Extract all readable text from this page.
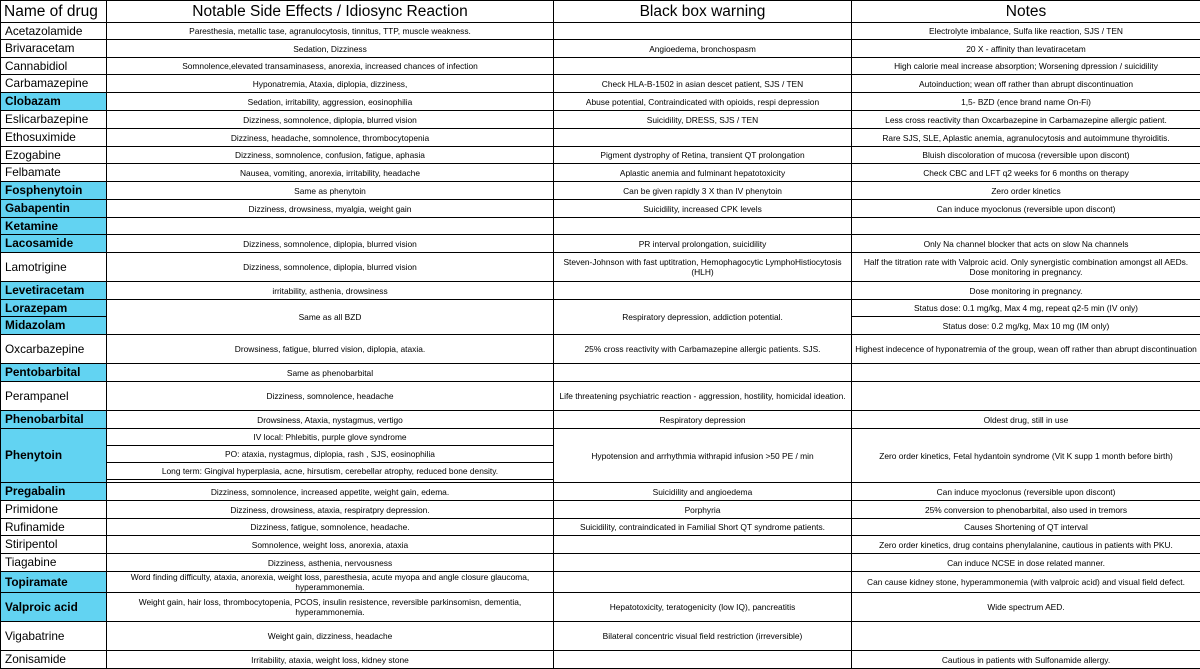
Name of drug	Notable Side Effects / Idiosync Reaction	Black box warning	Notes
Acetazolamide	Paresthesia, metallic tase, agranulocytosis, tinnitus, TTP, muscle weakness.		Electrolyte imbalance, Sulfa like reaction, SJS / TEN
Brivaracetam	Sedation, Dizziness	Angioedema, bronchospasm	20 X - affinity than levatiracetam
Cannabidiol	Somnolence,elevated transaminasess, anorexia, increased chances of infection		High calorie meal increase absorption; Worsening dpression / suicidility
Carbamazepine	Hyponatremia, Ataxia, diplopia, dizziness,	Check HLA-B-1502 in asian descet patient, SJS / TEN	Autoinduction; wean off rather than abrupt discontinuation
Clobazam	Sedation, irritability, aggression, eosinophilia	Abuse potential, Contraindicated with opioids, respi depression	1,5- BZD (ence brand name On-Fi)
Eslicarbazepine	Dizziness, somnolence, diplopia, blurred vision	Suicidility, DRESS, SJS / TEN	Less cross reactivity than Oxcarbazepine in Carbamazepine allergic patient.
Ethosuximide	Dizziness, headache, somnolence, thrombocytopenia		Rare SJS, SLE, Aplastic anemia, agranulocytosis and autoimmune thyroiditis.
Ezogabine	Dizziness, somnolence, confusion, fatigue, aphasia	Pigment dystrophy of Retina, transient QT prolongation	Bluish discoloration of mucosa (reversible upon discont)
Felbamate	Nausea, vomiting, anorexia, irritability, headache	Aplastic anemia and fulminant hepatotoxicity	Check CBC and LFT q2 weeks for 6 months on therapy
Fosphenytoin	Same as phenytoin	Can be given rapidly 3 X than IV phenytoin	Zero order kinetics
Gabapentin	Dizziness, drowsiness, myalgia, weight gain	Suicidility, increased CPK levels	Can induce myoclonus (reversible upon discont)
Ketamine			
Lacosamide	Dizziness, somnolence, diplopia, blurred vision	PR interval prolongation, suicidility	Only Na channel blocker that acts on slow Na channels
Lamotrigine	Dizziness, somnolence, diplopia, blurred vision	Steven-Johnson with fast uptitration, Hemophagocytic LymphoHistiocytosis (HLH)	Half the titration rate with Valproic acid. Only synergistic combination amongst all AEDs. Dose monitoring in pregnancy.
Levetiracetam	irritability, asthenia, drowsiness		Dose monitoring in pregnancy.
Lorazepam	Same as all BZD	Respiratory depression, addiction potential.	Status dose: 0.1 mg/kg, Max 4 mg, repeat q2-5 min (IV only)
Midazolam			Status dose: 0.2 mg/kg, Max 10 mg (IM only)
Oxcarbazepine	Drowsiness, fatigue, blurred vision, diplopia, ataxia.	25% cross reactivity with Carbamazepine allergic patients. SJS.	Highest indecence of hyponatremia of the group, wean off rather than abrupt discontinuation
Pentobarbital	Same as phenobarbital		
Perampanel	Dizziness, somnolence, headache	Life threatening psychiatric reaction - aggression, hostility, homicidal ideation.	
Phenobarbital	Drowsiness, Ataxia, nystagmus, vertigo	Respiratory depression	Oldest drug, still in use
Phenytoin	IV local: Phlebitis, purple glove syndrome	Hypotension and arrhythmia withrapid infusion >50 PE / min	Zero order kinetics, Fetal hydantoin syndrome (Vit K supp 1 month before birth)
	PO: ataxia, nystagmus, diplopia, rash , SJS, eosinophilia		
	Long term: Gingival hyperplasia, acne, hirsutism, cerebellar atrophy, reduced bone density.		

Pregabalin	Dizziness, somnolence, increased appetite, weight gain, edema.	Suicidility and angioedema	Can induce myoclonus (reversible upon discont)
Primidone	Dizziness, drowsiness, ataxia, respiratpry depression.	Porphyria	25% conversion to phenobarbital, also used in tremors
Rufinamide	Dizziness, fatigue, somnolence, headache.	Suicidility, contraindicated in Familial Short QT syndrome patients.	Causes Shortening of QT interval
Stiripentol	Somnolence, weight loss, anorexia, ataxia		Zero order kinetics, drug contains phenylalanine, cautious in patients with PKU.
Tiagabine	Dizziness, asthenia, nervousness		Can induce NCSE in dose related manner.
Topiramate	Word finding difficulty, ataxia, anorexia, weight loss, paresthesia, acute myopa and angle closure glaucoma, hyperammonemia.		Can cause kidney stone, hyperammonemia (with valproic acid) and visual field defect.
Valproic acid	Weight gain, hair loss, thrombocytopenia, PCOS, insulin resistence, reversible parkinsomisn, dementia, hyperammonemia.	Hepatotoxicity, teratogenicity (low IQ), pancreatitis	Wide spectrum AED.
Vigabatrine	Weight gain, dizziness, headache	Bilateral concentric visual field restriction (irreversible)	
Zonisamide	Irritability, ataxia, weight loss, kidney stone		Cautious in patients with Sulfonamide allergy.
